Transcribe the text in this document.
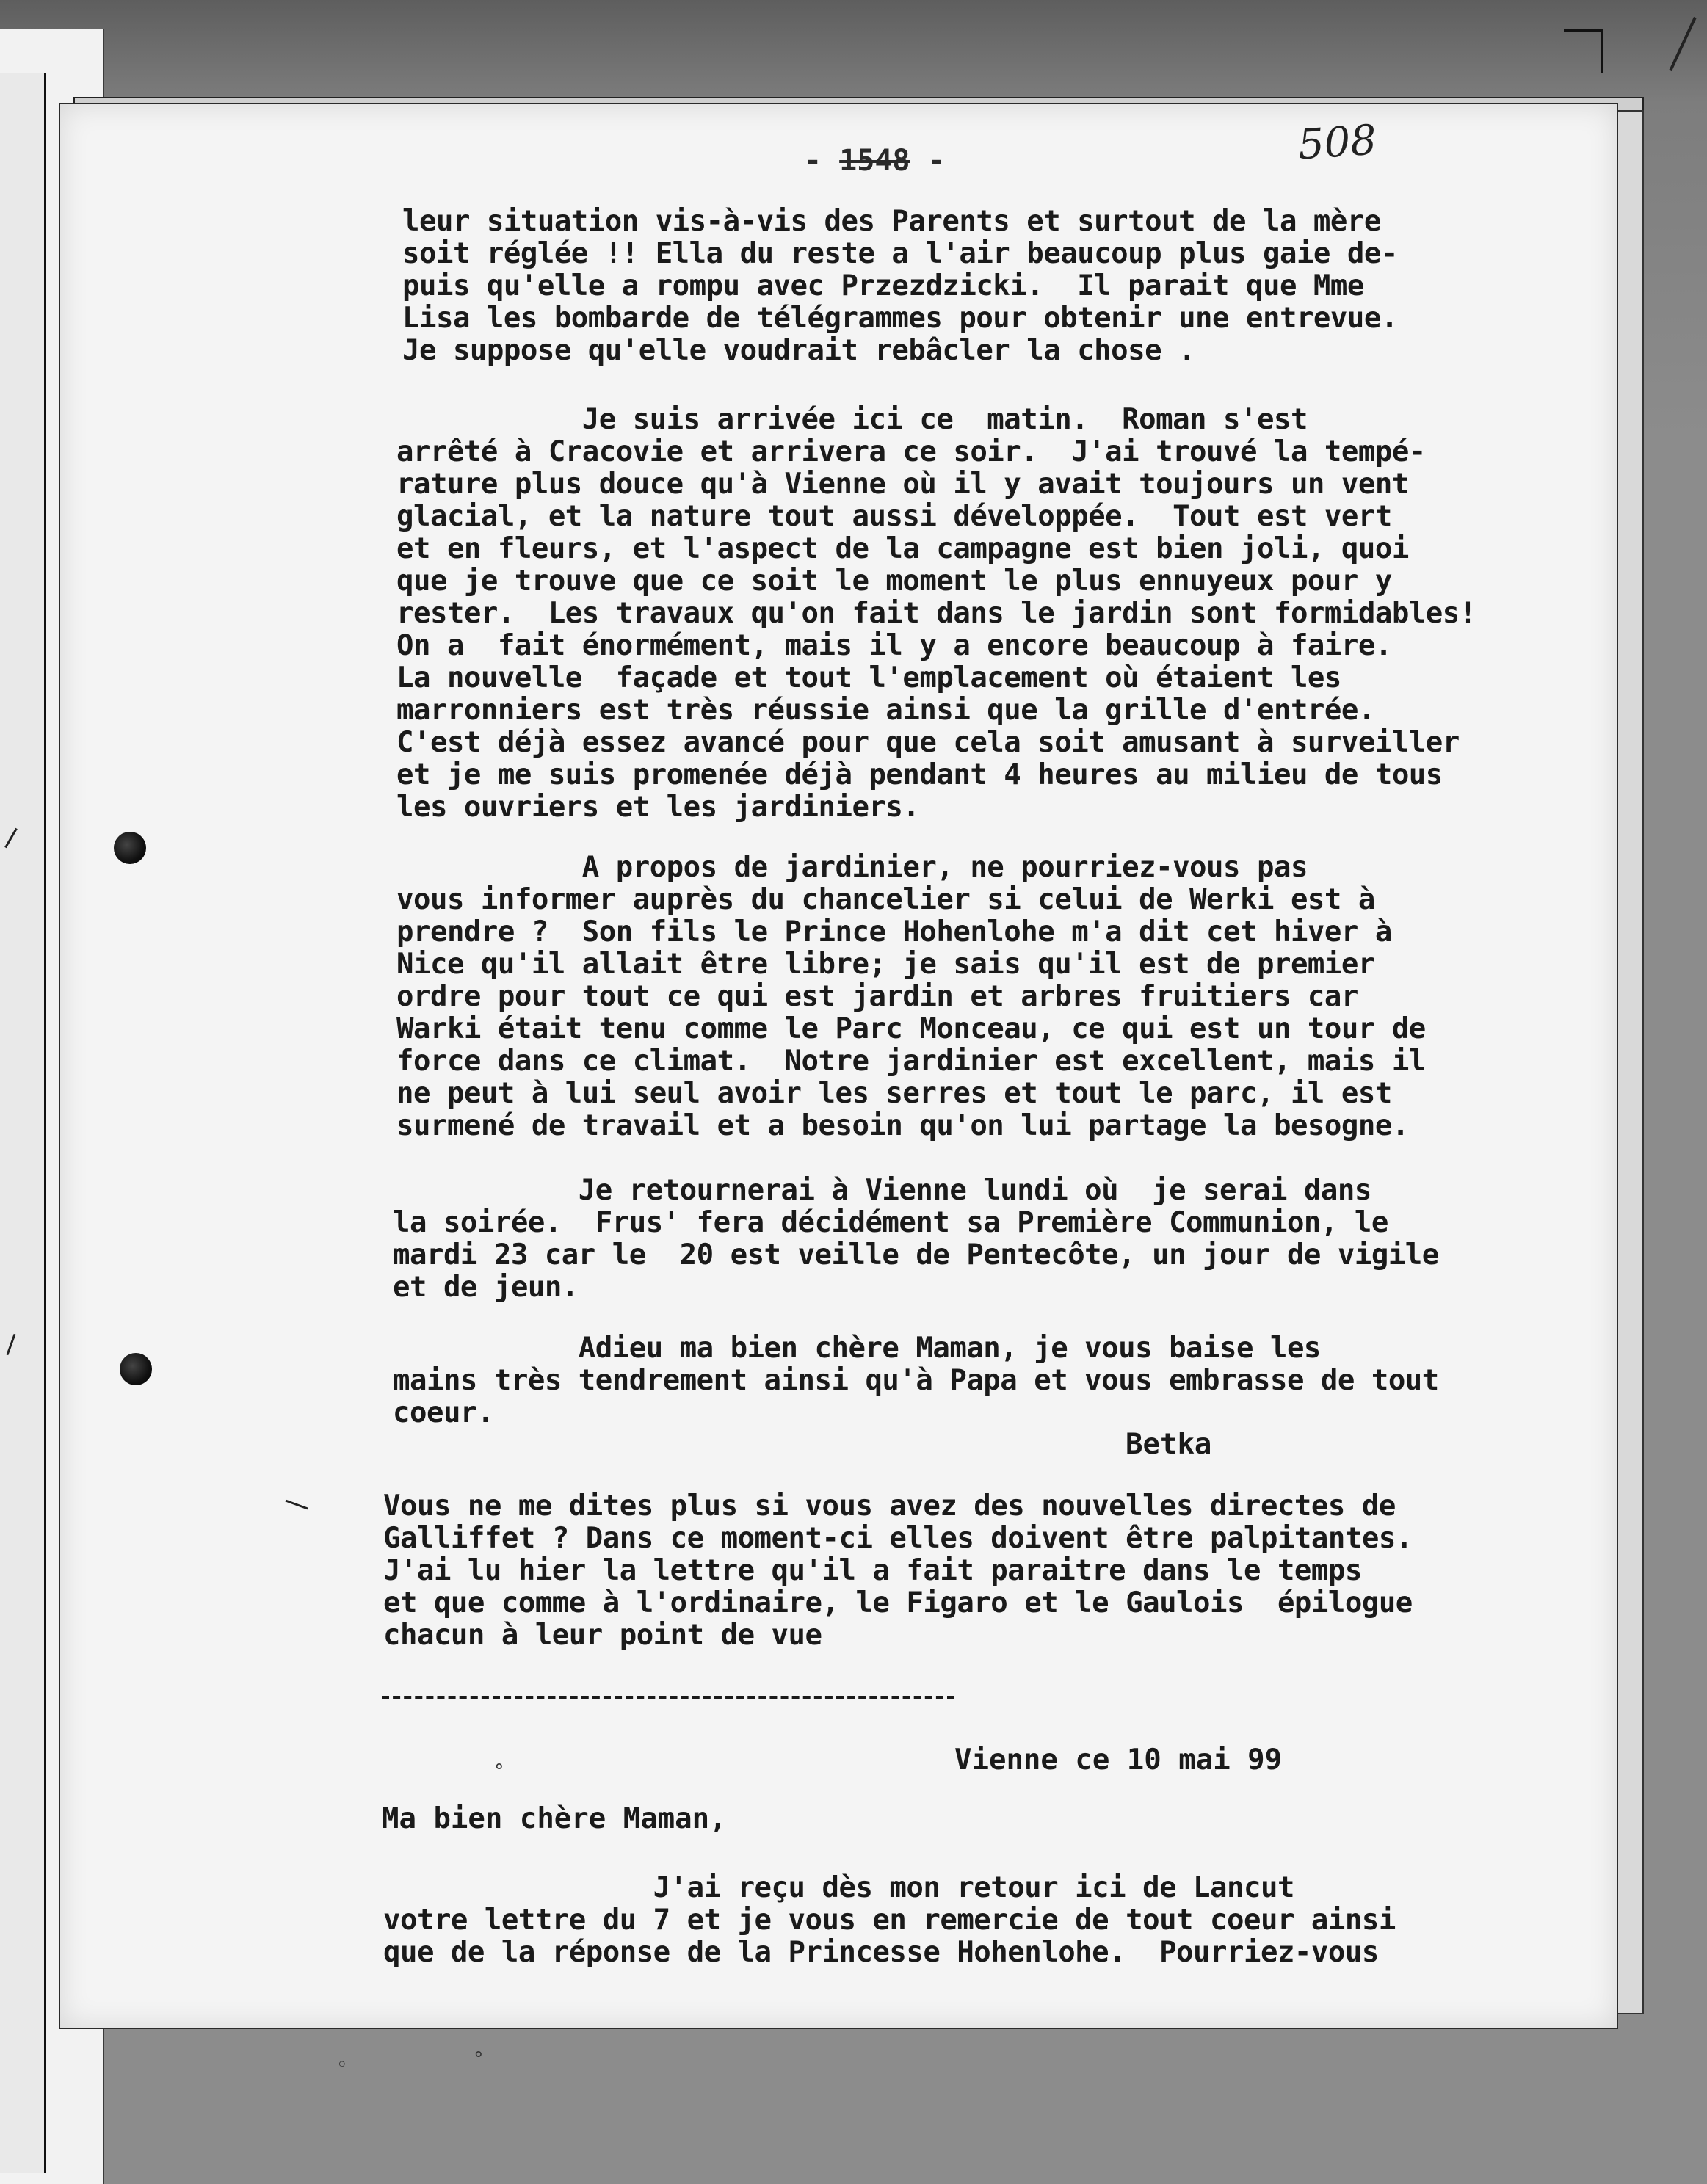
°
◦	°
- 1548 -	508
leur situation vis-à-vis des Parents et surtout de la mère
soit réglée !! Ella du reste a l'air beaucoup plus gaie de-
puis qu'elle a rompu avec Przezdzicki.  Il parait que Mme
Lisa les bombarde de télégrammes pour obtenir une entrevue.
Je suppose qu'elle voudrait rebâcler la chose .
Je suis arrivée ici ce  matin.  Roman s'est
arrêté à Cracovie et arrivera ce soir.  J'ai trouvé la tempé-
rature plus douce qu'à Vienne où il y avait toujours un vent
glacial, et la nature tout aussi développée.  Tout est vert
et en fleurs, et l'aspect de la campagne est bien joli, quoi
que je trouve que ce soit le moment le plus ennuyeux pour y
rester.  Les travaux qu'on fait dans le jardin sont formidables!
On a  fait énormément, mais il y a encore beaucoup à faire.
La nouvelle  façade et tout l'emplacement où étaient les
marronniers est très réussie ainsi que la grille d'entrée.
C'est déjà essez avancé pour que cela soit amusant à surveiller
et je me suis promenée déjà pendant 4 heures au milieu de tous
les ouvriers et les jardiniers.
A propos de jardinier, ne pourriez-vous pas
vous informer auprès du chancelier si celui de Werki est à
prendre ?  Son fils le Prince Hohenlohe m'a dit cet hiver à
Nice qu'il allait être libre; je sais qu'il est de premier
ordre pour tout ce qui est jardin et arbres fruitiers car
Warki était tenu comme le Parc Monceau, ce qui est un tour de
force dans ce climat.  Notre jardinier est excellent, mais il
ne peut à lui seul avoir les serres et tout le parc, il est
surmené de travail et a besoin qu'on lui partage la besogne.
Je retournerai à Vienne lundi où  je serai dans
la soirée.  Frus' fera décidément sa Première Communion, le
mardi 23 car le  20 est veille de Pentecôte, un jour de vigile
et de jeun.
Adieu ma bien chère Maman, je vous baise les
mains très tendrement ainsi qu'à Papa et vous embrasse de tout
coeur.
Betka
Vous ne me dites plus si vous avez des nouvelles directes de
Galliffet ? Dans ce moment-ci elles doivent être palpitantes.
J'ai lu hier la lettre qu'il a fait paraitre dans le temps
et que comme à l'ordinaire, le Figaro et le Gaulois  épilogue
chacun à leur point de vue
Vienne ce 10 mai 99
Ma bien chère Maman,
J'ai reçu dès mon retour ici de Lancut
votre lettre du 7 et je vous en remercie de tout coeur ainsi
que de la réponse de la Princesse Hohenlohe.  Pourriez-vous
